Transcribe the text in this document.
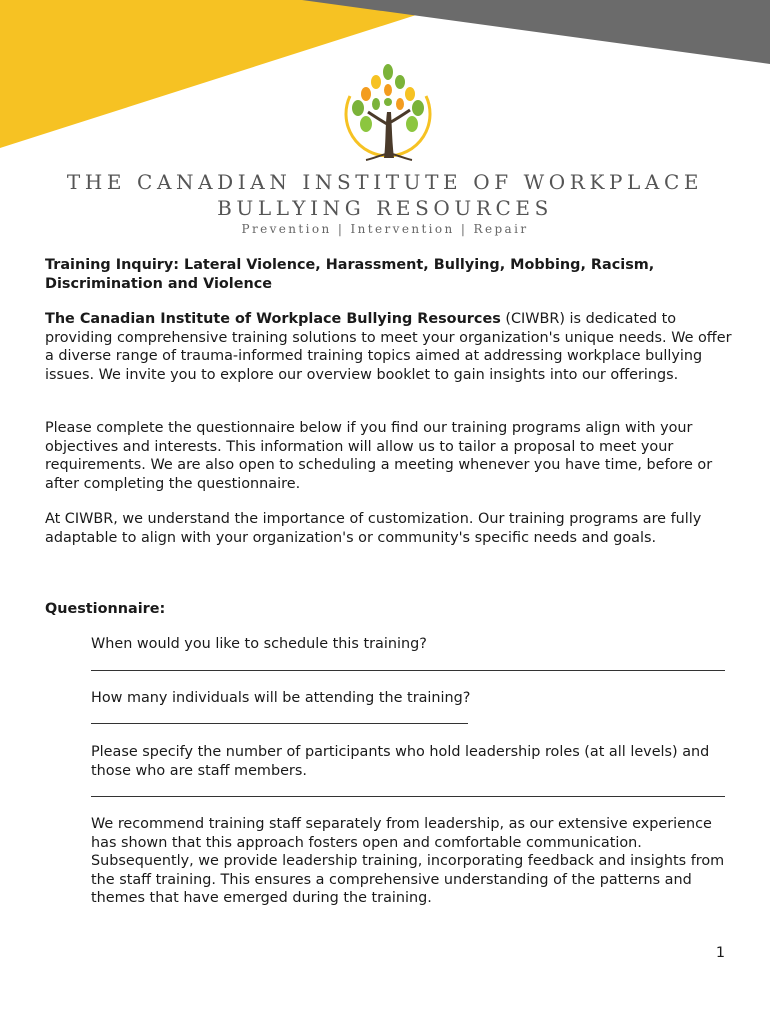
THE CANADIAN INSTITUTE OF WORKPLACE
BULLYING RESOURCES
Prevention | Intervention | Repair

Training Inquiry: Lateral Violence, Harassment, Bullying, Mobbing, Racism, Discrimination and Violence

The Canadian Institute of Workplace Bullying Resources (CIWBR) is dedicated to providing comprehensive training solutions to meet your organization's unique needs. We offer a diverse range of trauma-informed training topics aimed at addressing workplace bullying issues. We invite you to explore our overview booklet to gain insights into our offerings.

Please complete the questionnaire below if you find our training programs align with your objectives and interests. This information will allow us to tailor a proposal to meet your requirements. We are also open to scheduling a meeting whenever you have time, before or after completing the questionnaire.

At CIWBR, we understand the importance of customization. Our training programs are fully adaptable to align with your organization's or community's specific needs and goals.

Questionnaire:

When would you like to schedule this training?

How many individuals will be attending the training?

Please specify the number of participants who hold leadership roles (at all levels) and those who are staff members.

We recommend training staff separately from leadership, as our extensive experience has shown that this approach fosters open and comfortable communication. Subsequently, we provide leadership training, incorporating feedback and insights from the staff training. This ensures a comprehensive understanding of the patterns and themes that have emerged during the training.

1
